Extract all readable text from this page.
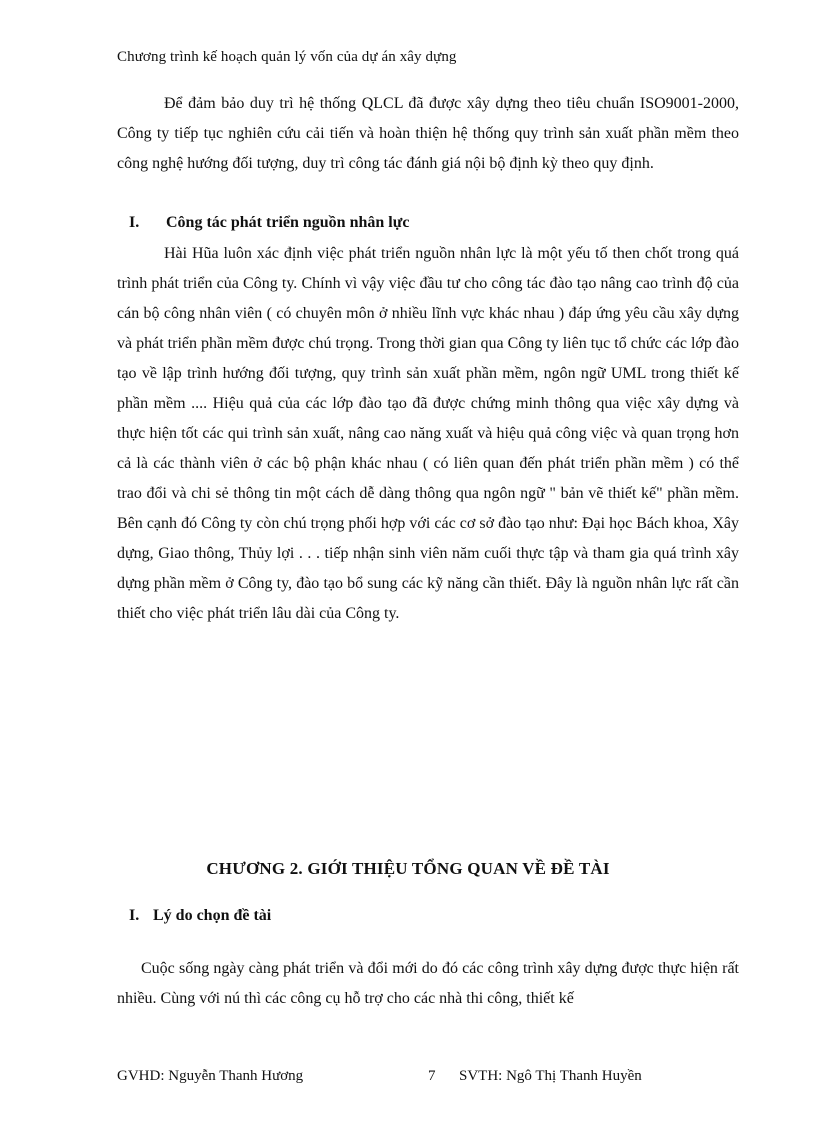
Chương trình kế hoạch quản lý vốn của dự án xây dựng

Để đảm bảo duy trì hệ thống QLCL đã được xây dựng theo tiêu chuẩn ISO9001-2000, Công ty tiếp tục nghiên cứu cải tiến và hoàn thiện hệ thống quy trình sản xuất phần mềm theo công nghệ hướng đối tượng, duy trì công tác đánh giá nội bộ định kỳ theo quy định.

I. Công tác phát triển nguồn nhân lực

Hài Hũa luôn xác định việc phát triển nguồn nhân lực là một yếu tố then chốt trong quá trình phát triển của Công ty. Chính vì vậy việc đầu tư cho công tác đào tạo nâng cao trình độ của cán bộ công nhân viên ( có chuyên môn ở nhiều lĩnh vực khác nhau ) đáp ứng yêu cầu xây dựng và phát triển phần mềm được chú trọng. Trong thời gian qua Công ty liên tục tổ chức các lớp đào tạo về lập trình hướng đối tượng, quy trình sản xuất phần mềm, ngôn ngữ UML trong thiết kế phần mềm .... Hiệu quả của các lớp đào tạo đã được chứng minh thông qua việc xây dựng và thực hiện tốt các qui trình sản xuất, nâng cao năng xuất và hiệu quả công việc và quan trọng hơn cả là các thành viên ở các bộ phận khác nhau ( có liên quan đến phát triển phần mềm ) có thể trao đổi và chi sẻ thông tin một cách dễ dàng thông qua ngôn ngữ " bản vẽ thiết kế" phần mềm. Bên cạnh đó Công ty còn chú trọng phối hợp với các cơ sở đào tạo như: Đại học Bách khoa, Xây dựng, Giao thông, Thủy lợi . . . tiếp nhận sinh viên năm cuối thực tập và tham gia quá trình xây dựng phần mềm ở Công ty, đào tạo bổ sung các kỹ năng cần thiết. Đây là nguồn nhân lực rất cần thiết cho việc phát triển lâu dài của Công ty.

CHƯƠNG 2. GIỚI THIỆU TỔNG QUAN VỀ ĐỀ TÀI
I. Lý do chọn đề tài

Cuộc sống ngày càng phát triển và đổi mới do đó các công trình xây dựng được thực hiện rất nhiều. Cùng với nú thì các công cụ hỗ trợ cho các nhà thi công, thiết kế

GVHD: Nguyễn Thanh Hương	7 SVTH: Ngô Thị Thanh Huyền
